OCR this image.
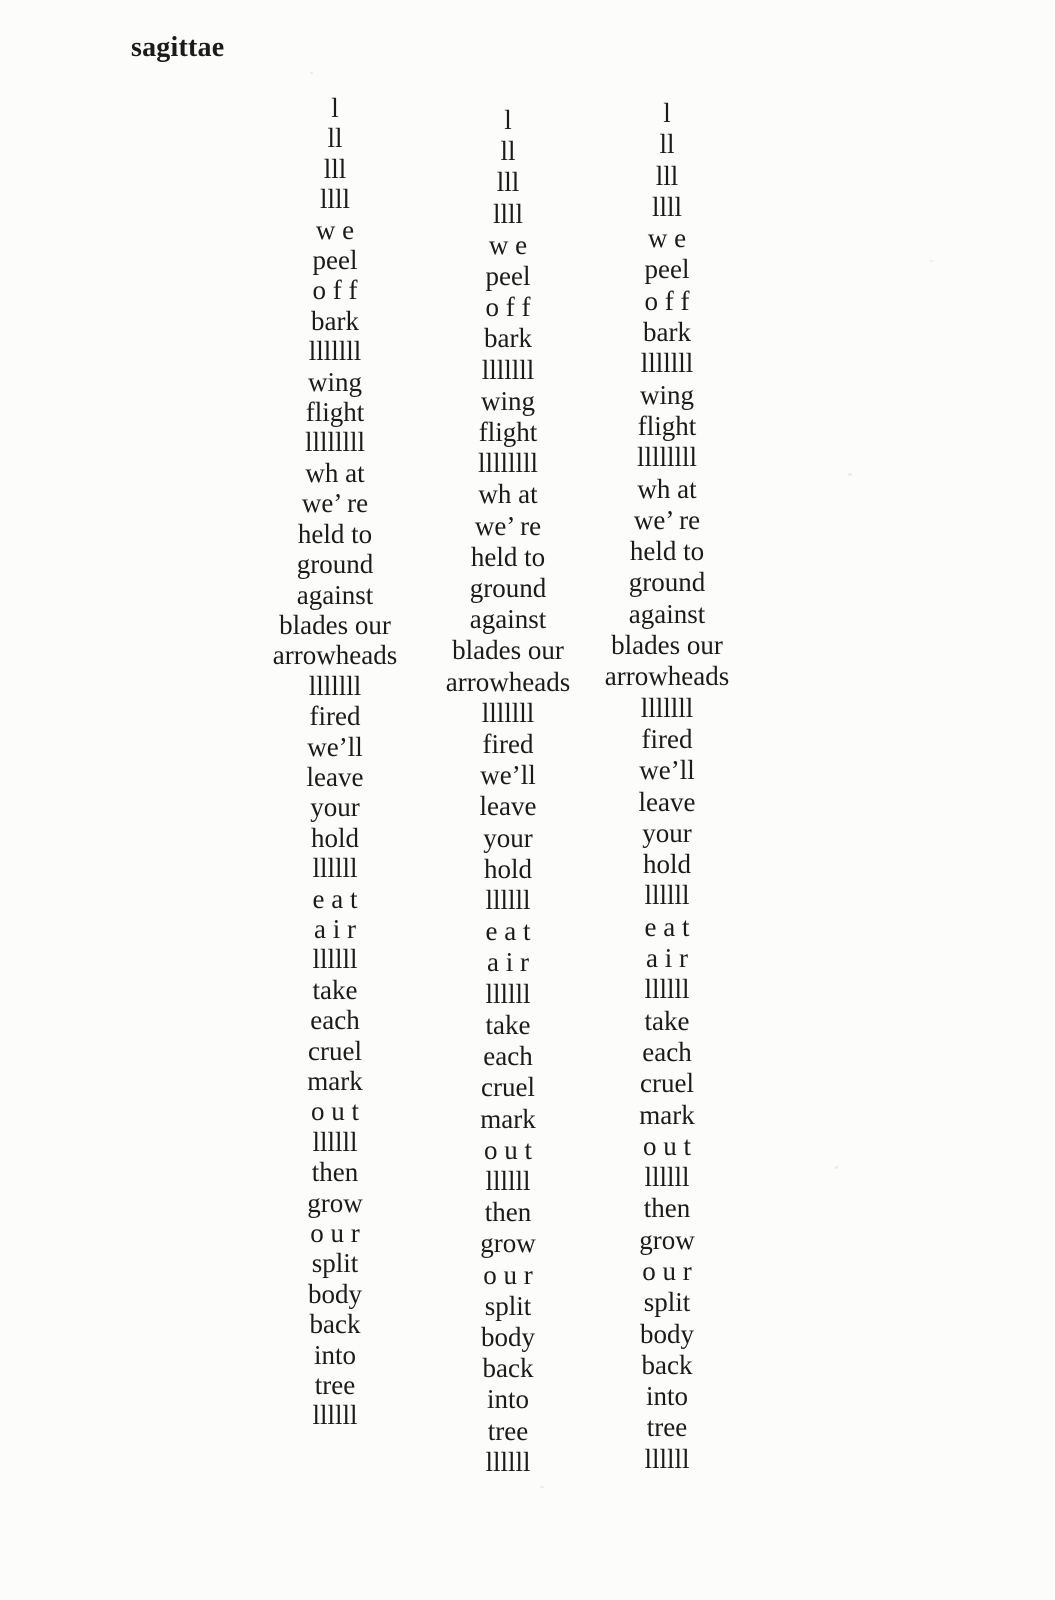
sagittae
l
ll
lll
llll
w e
peel
o f f
bark
lllllll
wing
flight
llllllll
wh at
we’ re
held to
ground
against
blades our
arrowheads
lllllll
fired
we’ll
leave
your
hold
llllll
e a t
a i r
llllll
take
each
cruel
mark
o u t
llllll
then
grow
o u r
split
body
back
into
tree
llllll
l
ll
lll
llll
w e
peel
o f f
bark
lllllll
wing
flight
llllllll
wh at
we’ re
held to
ground
against
blades our
arrowheads
lllllll
fired
we’ll
leave
your
hold
llllll
e a t
a i r
llllll
take
each
cruel
mark
o u t
llllll
then
grow
o u r
split
body
back
into
tree
llllll
l
ll
lll
llll
w e
peel
o f f
bark
lllllll
wing
flight
llllllll
wh at
we’ re
held to
ground
against
blades our
arrowheads
lllllll
fired
we’ll
leave
your
hold
llllll
e a t
a i r
llllll
take
each
cruel
mark
o u t
llllll
then
grow
o u r
split
body
back
into
tree
llllll
